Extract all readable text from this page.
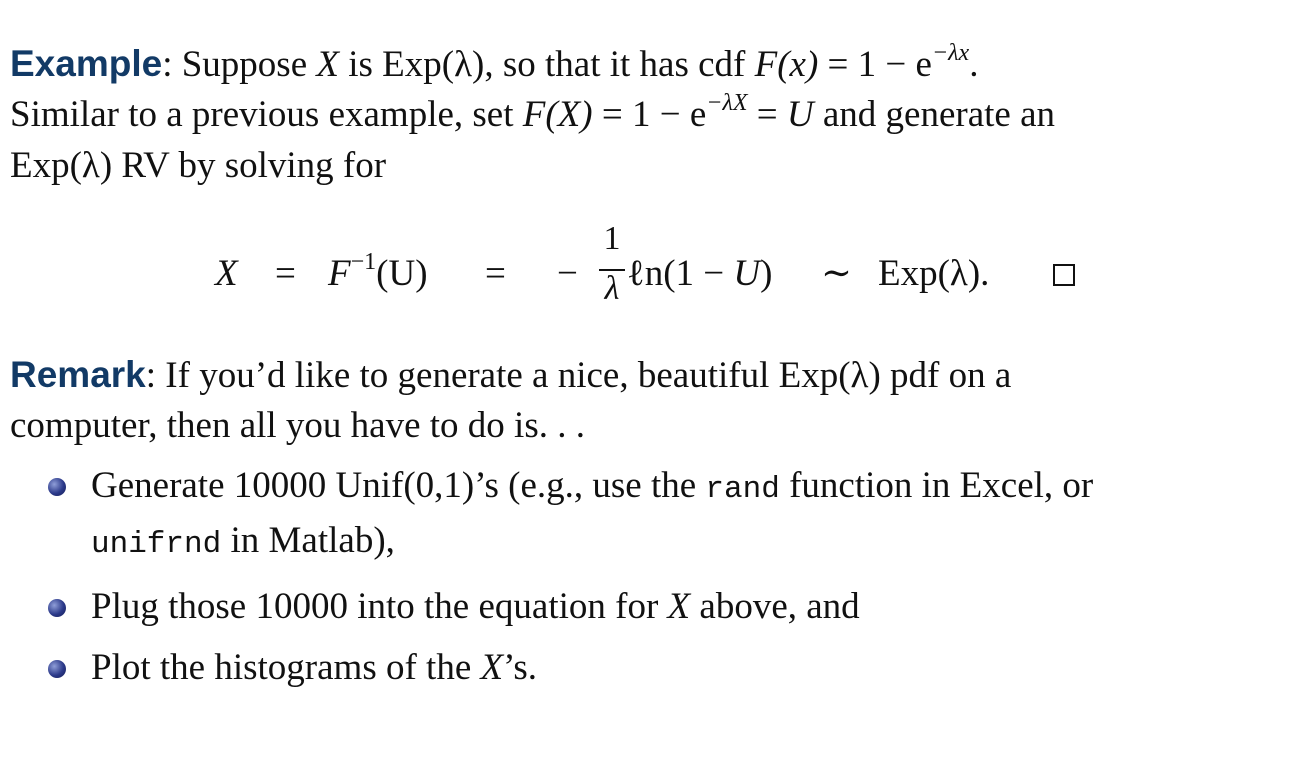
Example: Suppose X is Exp(λ), so that it has cdf $F(x) = 1 - e^{-\lambda x}$.
Similar to a previous example, set $F(X) = 1 - e^{-\lambda X} = U$ and generate an
Exp(λ) RV by solving for
$X = F^{-1}(U)$ = −
1
λ ℓn(1 − U) ∼ Exp(λ).
Remark: If you’d like to generate a nice, beautiful Exp(λ) pdf on a
computer, then all you have to do is. . .
Generate 10000 Unif(0,1)’s (e.g., use the rand function in Excel, or
unifrnd in Matlab),
Plug those 10000 into the equation for X above, and
Plot the histograms of the X’s.
